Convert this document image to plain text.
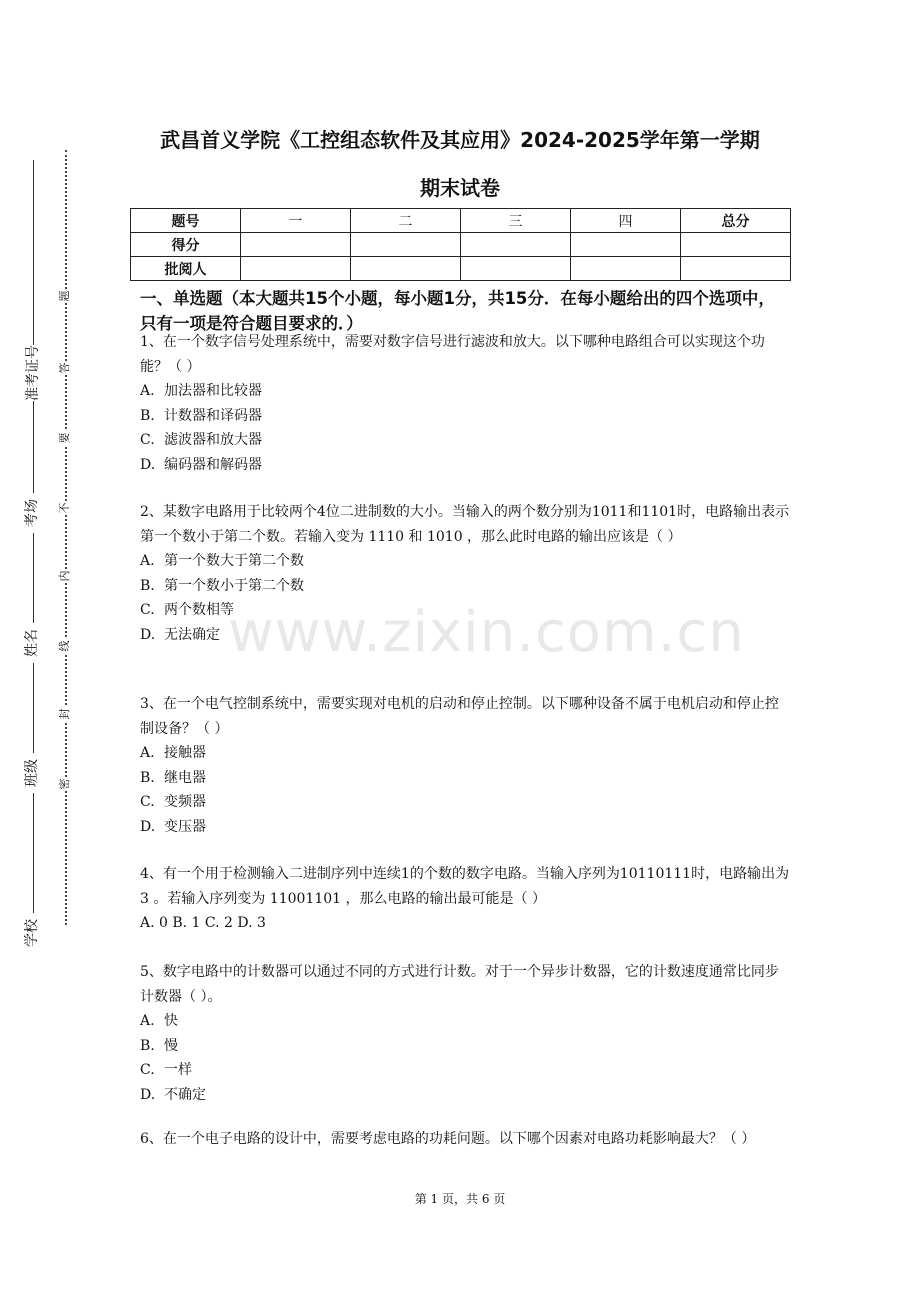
题
答
要
不
内
线
封
密
准考证号
考场
姓名
班级
学校
武昌首义学院《工控组态软件及其应用》2024-2025学年第一学期
期末试卷
题号	一	二	三	四	总分
得分					
批阅人					
一、单选题（本大题共15个小题，每小题1分，共15分．在每小题给出的四个选项中，只有一项是符合题目要求的．）

1、在一个数字信号处理系统中，需要对数字信号进行滤波和放大。以下哪种电路组合可以实现这个功能？（ ）

A. 加法器和比较器

B. 计数器和译码器

C. 滤波器和放大器

D. 编码器和解码器

2、某数字电路用于比较两个4位二进制数的大小。当输入的两个数分别为1011和1101时，电路输出表示第一个数小于第二个数。若输入变为 1110 和 1010 ，那么此时电路的输出应该是（ ）

A. 第一个数大于第二个数

B. 第一个数小于第二个数

C. 两个数相等

D. 无法确定

3、在一个电气控制系统中，需要实现对电机的启动和停止控制。以下哪种设备不属于电机启动和停止控制设备？（ ）

A. 接触器

B. 继电器

C. 变频器

D. 变压器

4、有一个用于检测输入二进制序列中连续1的个数的数字电路。当输入序列为10110111时，电路输出为 3 。若输入序列变为 11001101 ，那么电路的输出最可能是（ ）

A. 0 B. 1 C. 2 D. 3

5、数字电路中的计数器可以通过不同的方式进行计数。对于一个异步计数器，它的计数速度通常比同步计数器（ ）。

A. 快

B. 慢

C. 一样

D. 不确定

6、在一个电子电路的设计中，需要考虑电路的功耗问题。以下哪个因素对电路功耗影响最大？（ ）

www.zixin.com.cn
第 1 页，共 6 页
